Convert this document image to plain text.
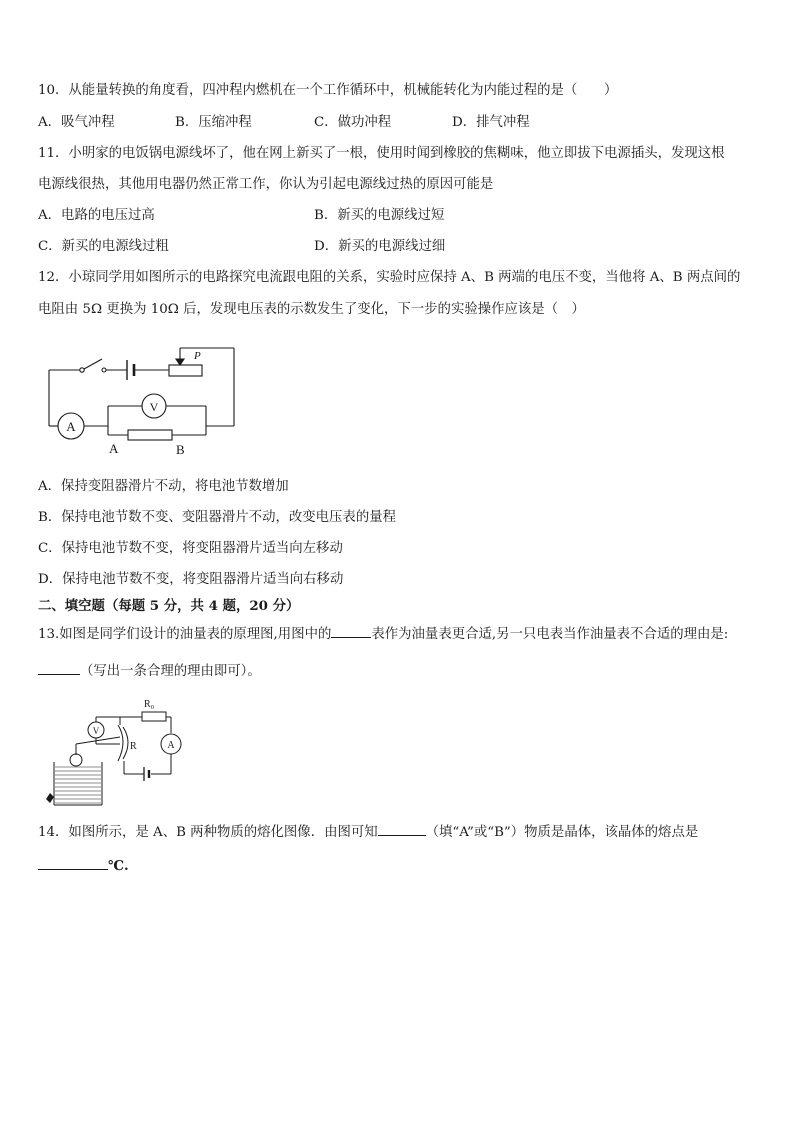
10．从能量转换的角度看，四冲程内燃机在一个工作循环中，机械能转化为内能过程的是（　　）
A．吸气冲程	B．压缩冲程	C．做功冲程	D．排气冲程
11．小明家的电饭锅电源线坏了，他在网上新买了一根，使用时闻到橡胶的焦糊味，他立即拔下电源插头，发现这根
电源线很热，其他用电器仍然正常工作，你认为引起电源线过热的原因可能是
A．电路的电压过高	B．新买的电源线过短
C．新买的电源线过粗	D．新买的电源线过细
12．小琼同学用如图所示的电路探究电流跟电阻的关系，实验时应保持 A、B 两端的电压不变，当他将 A、B 两点间的
电阻由 5Ω 更换为 10Ω 后，发现电压表的示数发生了变化，下一步的实验操作应该是（　）
P
A
V
A	B
A．保持变阻器滑片不动，将电池节数增加
B．保持电池节数不变、变阻器滑片不动，改变电压表的量程
C．保持电池节数不变，将变阻器滑片适当向左移动
D．保持电池节数不变，将变阻器滑片适当向右移动
二、填空题（每题 5 分，共 4 题，20 分）
13.如图是同学们设计的油量表的原理图,用图中的	表作为油量表更合适,另一只电表当作油量表不合适的理由是:
（写出一条合理的理由即可）。
R₀
R
V
A
14．如图所示，是 A、B 两种物质的熔化图像．由图可知	（填“A”或“B”）物质是晶体，该晶体的熔点是
℃.
